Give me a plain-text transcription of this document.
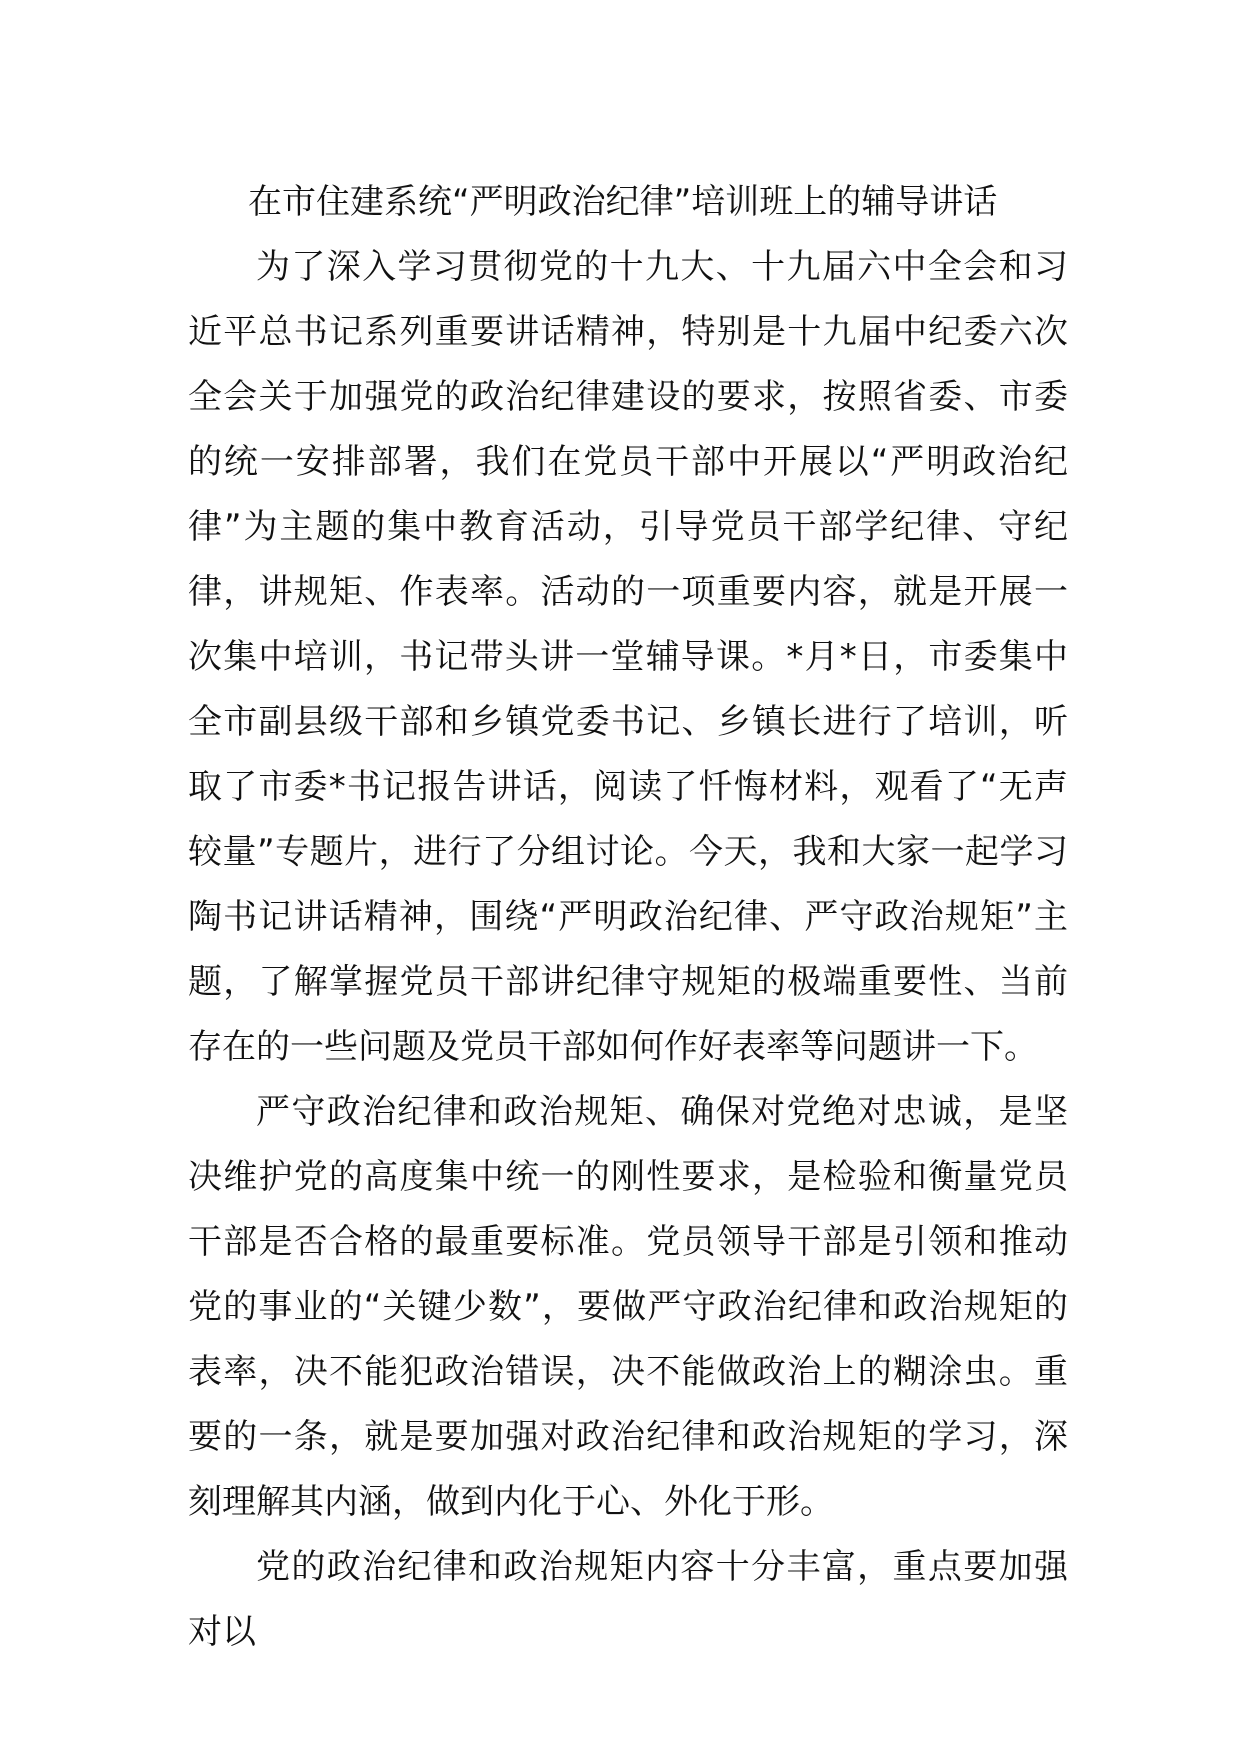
在市住建系统“严明政治纪律”培训班上的辅导讲话

为了深入学习贯彻党的十九大、十九届六中全会和习近平总书记系列重要讲话精神，特别是十九届中纪委六次全会关于加强党的政治纪律建设的要求，按照省委、市委的统一安排部署，我们在党员干部中开展以“严明政治纪律”为主题的集中教育活动，引导党员干部学纪律、守纪律，讲规矩、作表率。活动的一项重要内容，就是开展一次集中培训，书记带头讲一堂辅导课。*月*日，市委集中全市副县级干部和乡镇党委书记、乡镇长进行了培训，听取了市委*书记报告讲话，阅读了忏悔材料，观看了“无声较量”专题片，进行了分组讨论。今天，我和大家一起学习陶书记讲话精神，围绕“严明政治纪律、严守政治规矩”主题，了解掌握党员干部讲纪律守规矩的极端重要性、当前存在的一些问题及党员干部如何作好表率等问题讲一下。

严守政治纪律和政治规矩、确保对党绝对忠诚，是坚决维护党的高度集中统一的刚性要求，是检验和衡量党员干部是否合格的最重要标准。党员领导干部是引领和推动党的事业的“关键少数”，要做严守政治纪律和政治规矩的表率，决不能犯政治错误，决不能做政治上的糊涂虫。重要的一条，就是要加强对政治纪律和政治规矩的学习，深刻理解其内涵，做到内化于心、外化于形。

党的政治纪律和政治规矩内容十分丰富，重点要加强对以
